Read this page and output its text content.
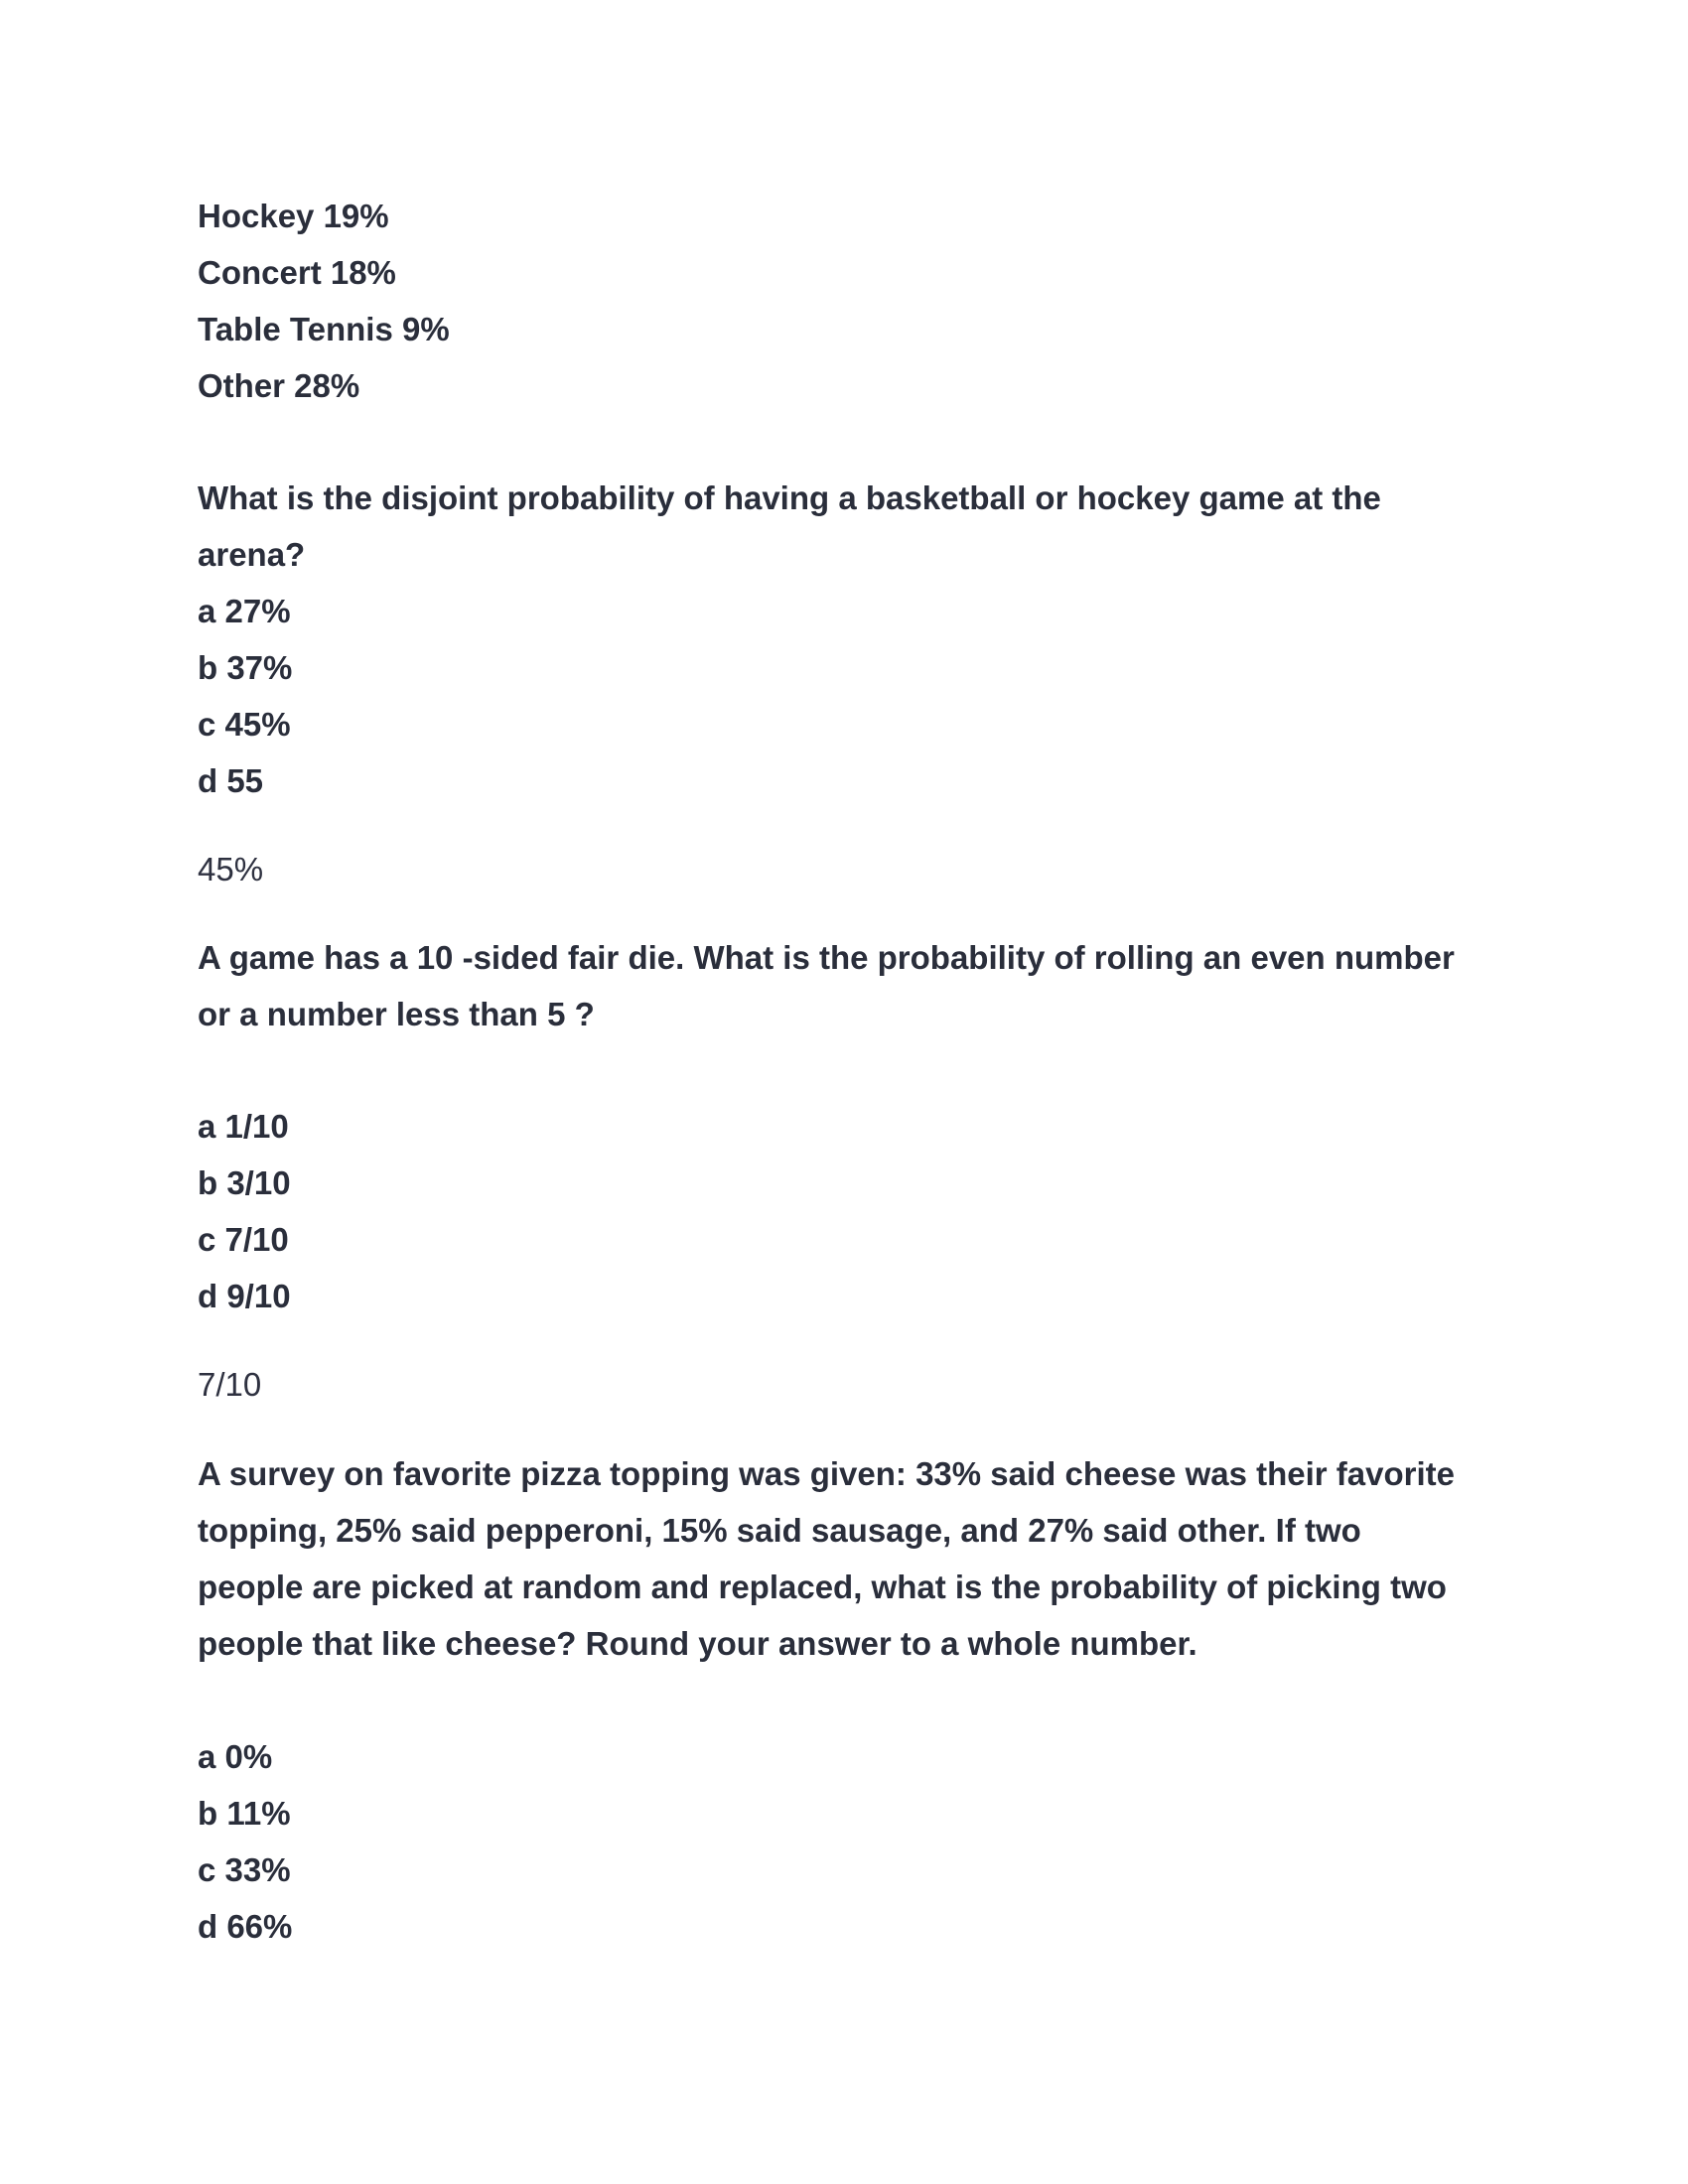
Hockey 19%
Concert 18%
Table Tennis 9%
Other 28%
What is the disjoint probability of having a basketball or hockey game at the
arena?
a 27%
b 37%
c 45%
d 55
45%
A game has a 10 -sided fair die. What is the probability of rolling an even number
or a number less than 5 ?
a 1/10
b 3/10
c 7/10
d 9/10
7/10
A survey on favorite pizza topping was given: 33% said cheese was their favorite
topping, 25% said pepperoni, 15% said sausage, and 27% said other. If two
people are picked at random and replaced, what is the probability of picking two
people that like cheese? Round your answer to a whole number.
a 0%
b 11%
c 33%
d 66%
